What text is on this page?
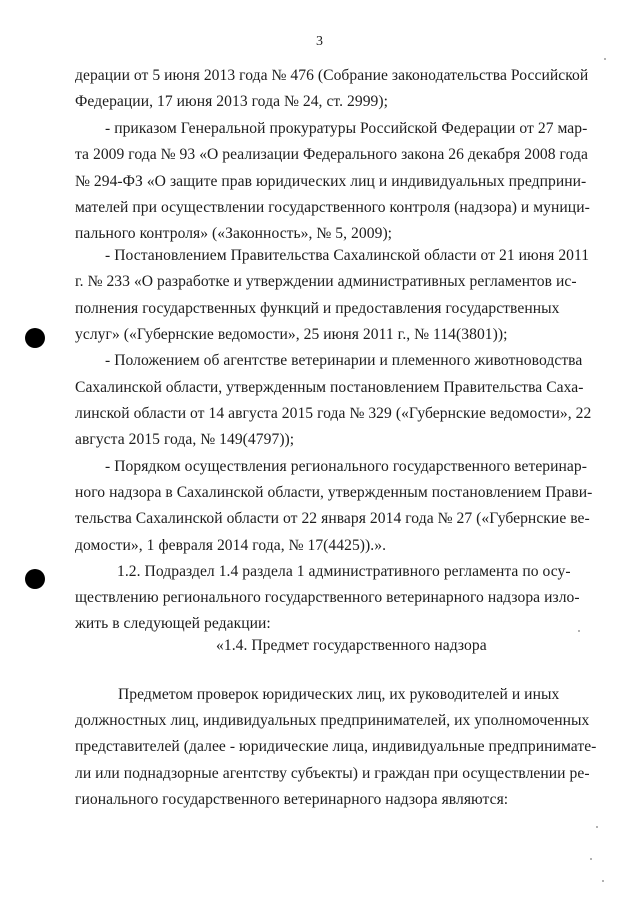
3
дерации от 5 июня 2013 года № 476 (Собрание законодательства Российской
Федерации, 17 июня 2013 года № 24, ст. 2999);
- приказом Генеральной прокуратуры Российской Федерации от 27 мар-
та 2009 года № 93 «О реализации Федерального закона 26 декабря 2008 года
№ 294-ФЗ «О защите прав юридических лиц и индивидуальных предприни-
мателей при осуществлении государственного контроля (надзора) и муници-
пального контроля» («Законность», № 5, 2009);
- Постановлением Правительства Сахалинской области от 21 июня 2011
г. № 233 «О разработке и утверждении административных регламентов ис-
полнения государственных функций и предоставления государственных
услуг» («Губернские ведомости», 25 июня 2011 г., № 114(3801));
- Положением об агентстве ветеринарии и племенного животноводства
Сахалинской области, утвержденным постановлением Правительства Саха-
линской области от 14 августа 2015 года № 329 («Губернские ведомости», 22
августа 2015 года, № 149(4797));
- Порядком осуществления регионального государственного ветеринар-
ного надзора в Сахалинской области, утвержденным постановлением Прави-
тельства Сахалинской области от 22 января 2014 года № 27 («Губернские ве-
домости», 1 февраля 2014 года, № 17(4425)).».
1.2. Подраздел 1.4 раздела 1 административного регламента по осу-
ществлению регионального государственного ветеринарного надзора изло-
жить в следующей редакции:
«1.4. Предмет государственного надзора
Предметом проверок юридических лиц, их руководителей и иных
должностных лиц, индивидуальных предпринимателей, их уполномоченных
представителей (далее - юридические лица, индивидуальные предпринимате-
ли или поднадзорные агентству субъекты) и граждан при осуществлении ре-
гионального государственного ветеринарного надзора являются:
